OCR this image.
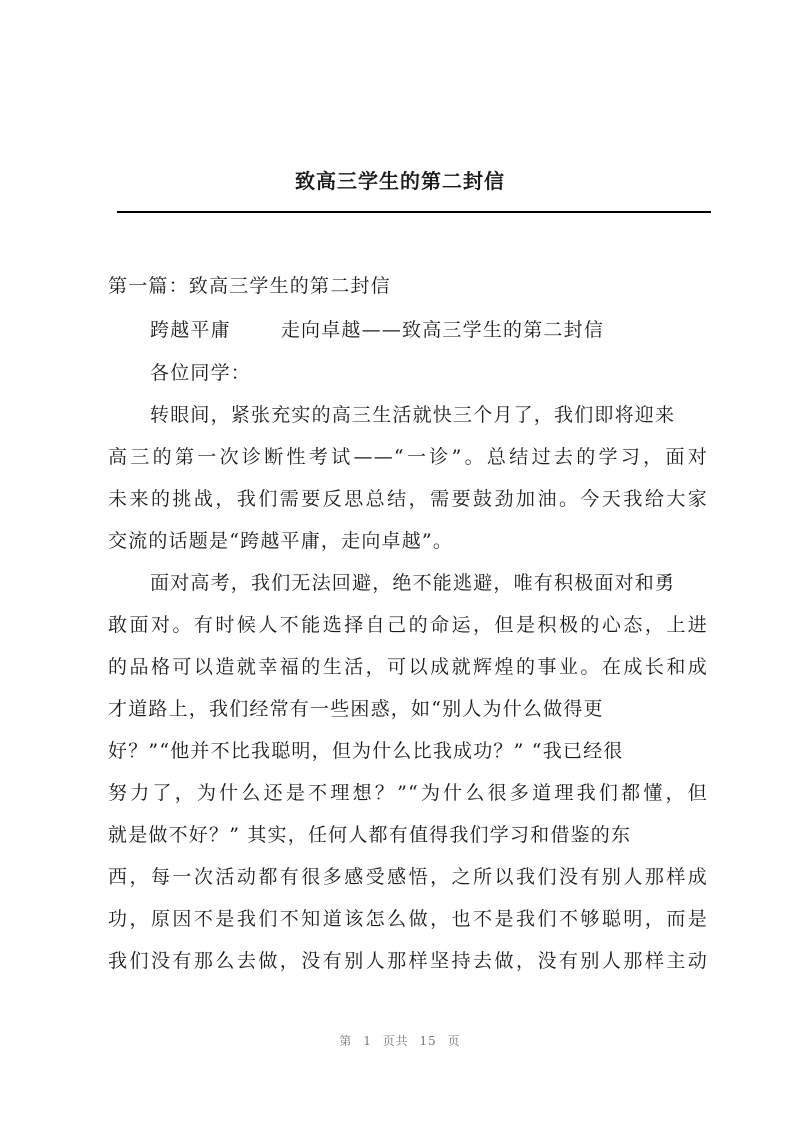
致高三学生的第二封信

第一篇：致高三学生的第二封信

跨越平庸	走向卓越——致高三学生的第二封信

各位同学：

转眼间，紧张充实的高三生活就快三个月了，我们即将迎来

高三的第一次诊断性考试——“一诊”。总结过去的学习，面对

未来的挑战，我们需要反思总结，需要鼓劲加油。今天我给大家

交流的话题是“跨越平庸，走向卓越”。

面对高考，我们无法回避，绝不能逃避，唯有积极面对和勇

敢面对。有时候人不能选择自己的命运，但是积极的心态，上进

的品格可以造就幸福的生活，可以成就辉煌的事业。在成长和成

才道路上，我们经常有一些困惑，如“别人为什么做得更

好？”“他并不比我聪明，但为什么比我成功？” “我已经很

努力了，为什么还是不理想？”“为什么很多道理我们都懂，但

就是做不好？” 其实，任何人都有值得我们学习和借鉴的东

西，每一次活动都有很多感受感悟，之所以我们没有别人那样成

功，原因不是我们不知道该怎么做，也不是我们不够聪明，而是

我们没有那么去做，没有别人那样坚持去做，没有别人那样主动

第 1 页共 15 页
